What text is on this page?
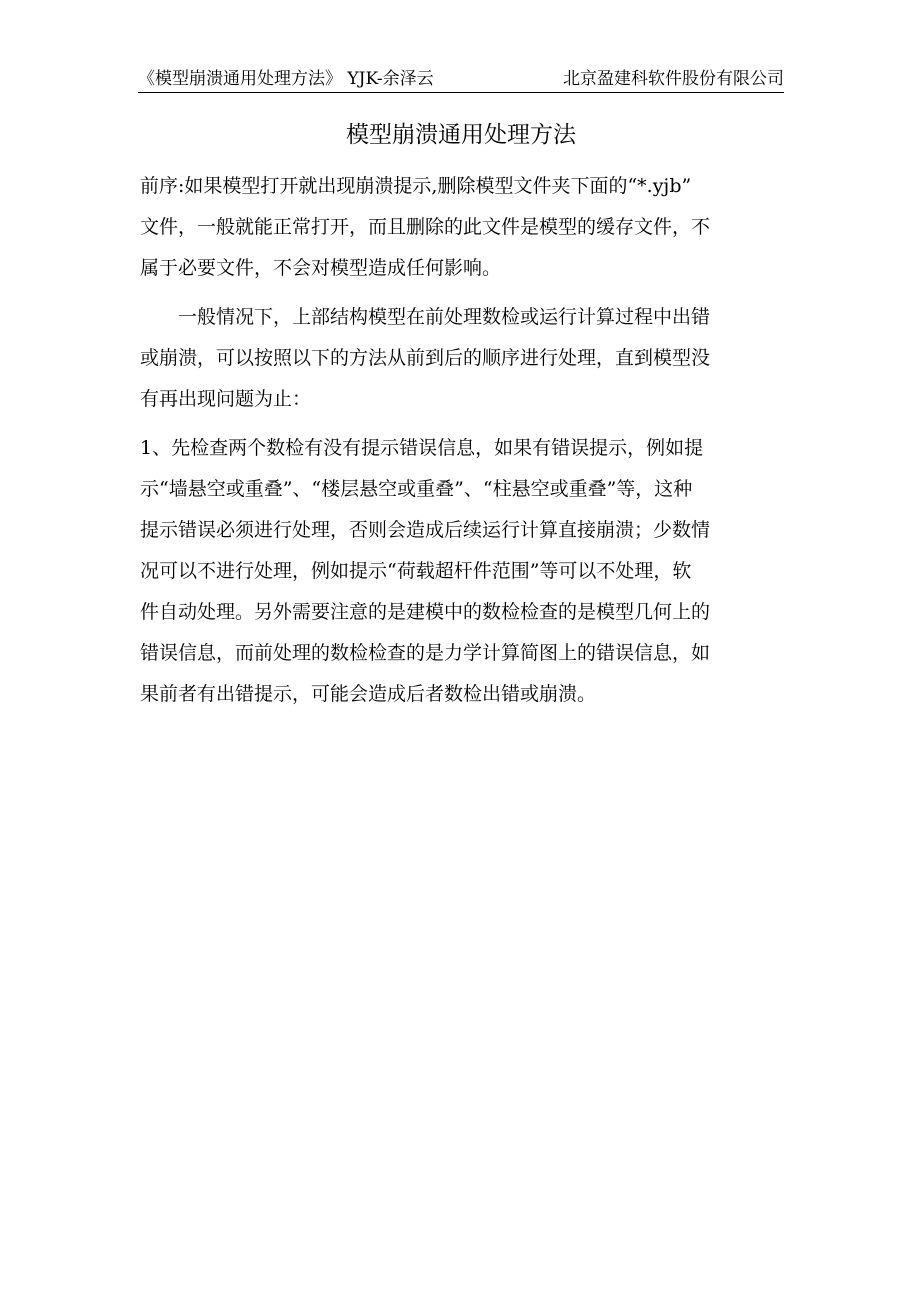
《模型崩溃通用处理方法》 YJK-余泽云	北京盈建科软件股份有限公司
模型崩溃通用处理方法

前序:如果模型打开就出现崩溃提示,删除模型文件夹下面的“*.yjb”
文件，一般就能正常打开，而且删除的此文件是模型的缓存文件，不
属于必要文件，不会对模型造成任何影响。

　　一般情况下，上部结构模型在前处理数检或运行计算过程中出错
或崩溃，可以按照以下的方法从前到后的顺序进行处理，直到模型没
有再出现问题为止：

1、先检查两个数检有没有提示错误信息，如果有错误提示，例如提
示“墙悬空或重叠”、“楼层悬空或重叠”、“柱悬空或重叠”等，这种
提示错误必须进行处理，否则会造成后续运行计算直接崩溃；少数情
况可以不进行处理，例如提示“荷载超杆件范围”等可以不处理，软
件自动处理。另外需要注意的是建模中的数检检查的是模型几何上的
错误信息，而前处理的数检检查的是力学计算简图上的错误信息，如
果前者有出错提示，可能会造成后者数检出错或崩溃。
